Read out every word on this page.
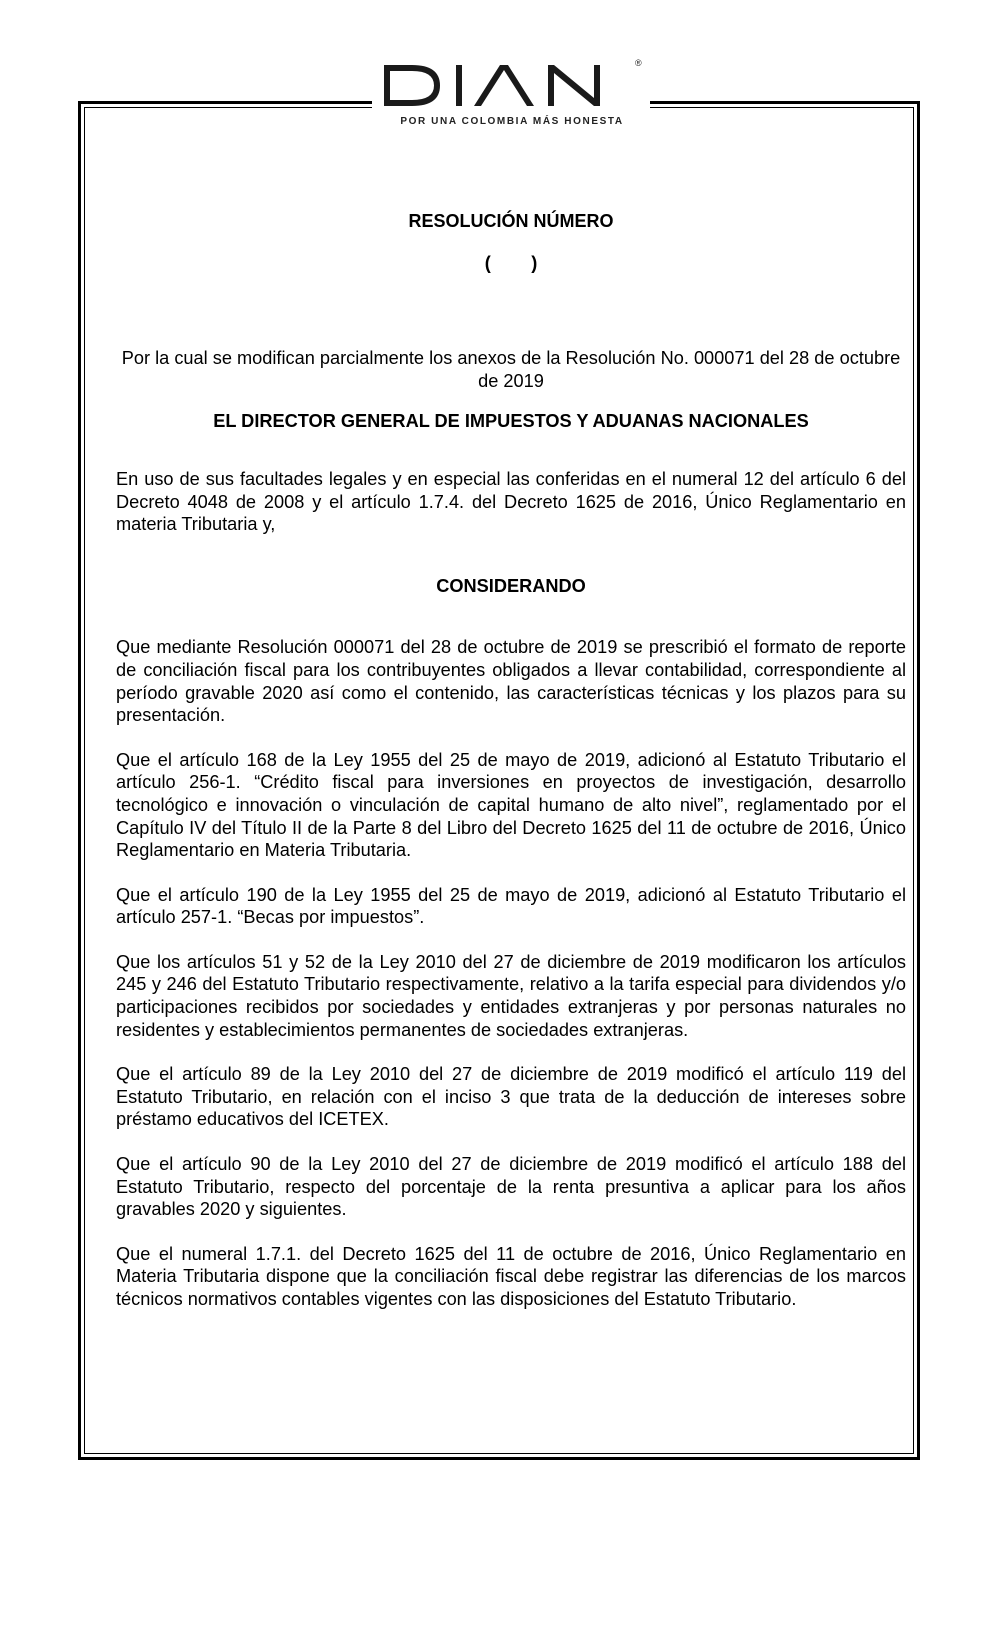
®
POR UNA COLOMBIA MÁS HONESTA

RESOLUCIÓN NÚMERO

(        )

Por la cual se modifican parcialmente los anexos de la Resolución No. 000071 del 28 de octubre de 2019

EL DIRECTOR GENERAL DE IMPUESTOS Y ADUANAS NACIONALES

En uso de sus facultades legales y en especial las conferidas en el numeral 12 del artículo 6 del Decreto 4048 de 2008 y el artículo 1.7.4. del Decreto 1625 de 2016, Único Reglamentario en materia Tributaria y,

CONSIDERANDO

Que mediante Resolución 000071 del 28 de octubre de 2019 se prescribió el formato de reporte de conciliación fiscal para los contribuyentes obligados a llevar contabilidad, correspondiente al período gravable 2020 así como el contenido, las características técnicas y los plazos para su presentación.

Que el artículo 168 de la Ley 1955 del 25 de mayo de 2019, adicionó al Estatuto Tributario el artículo 256-1. “Crédito fiscal para inversiones en proyectos de investigación, desarrollo tecnológico e innovación o vinculación de capital humano de alto nivel”, reglamentado por el Capítulo IV del Título II de la Parte 8 del Libro del Decreto 1625 del 11 de octubre de 2016, Único Reglamentario en Materia Tributaria.

Que el artículo 190 de la Ley 1955 del 25 de mayo de 2019, adicionó al Estatuto Tributario el artículo 257-1. “Becas por impuestos”.

Que los artículos 51 y 52 de la Ley 2010 del 27 de diciembre de 2019 modificaron los artículos 245 y 246 del Estatuto Tributario respectivamente, relativo a la tarifa especial para dividendos y/o participaciones recibidos por sociedades y entidades extranjeras y por personas naturales no residentes y establecimientos permanentes de sociedades extranjeras.

Que el artículo 89 de la Ley 2010 del 27 de diciembre de 2019 modificó el artículo 119 del Estatuto Tributario, en relación con el inciso 3 que trata de la deducción de intereses sobre préstamo educativos del ICETEX.

Que el artículo 90 de la Ley 2010 del 27 de diciembre de 2019 modificó el artículo 188 del Estatuto Tributario, respecto del porcentaje de la renta presuntiva a aplicar para los años gravables 2020 y siguientes.

Que el numeral 1.7.1. del Decreto 1625 del 11 de octubre de 2016, Único Reglamentario en Materia Tributaria dispone que la conciliación fiscal debe registrar las diferencias de los marcos técnicos normativos contables vigentes con las disposiciones del Estatuto Tributario.
